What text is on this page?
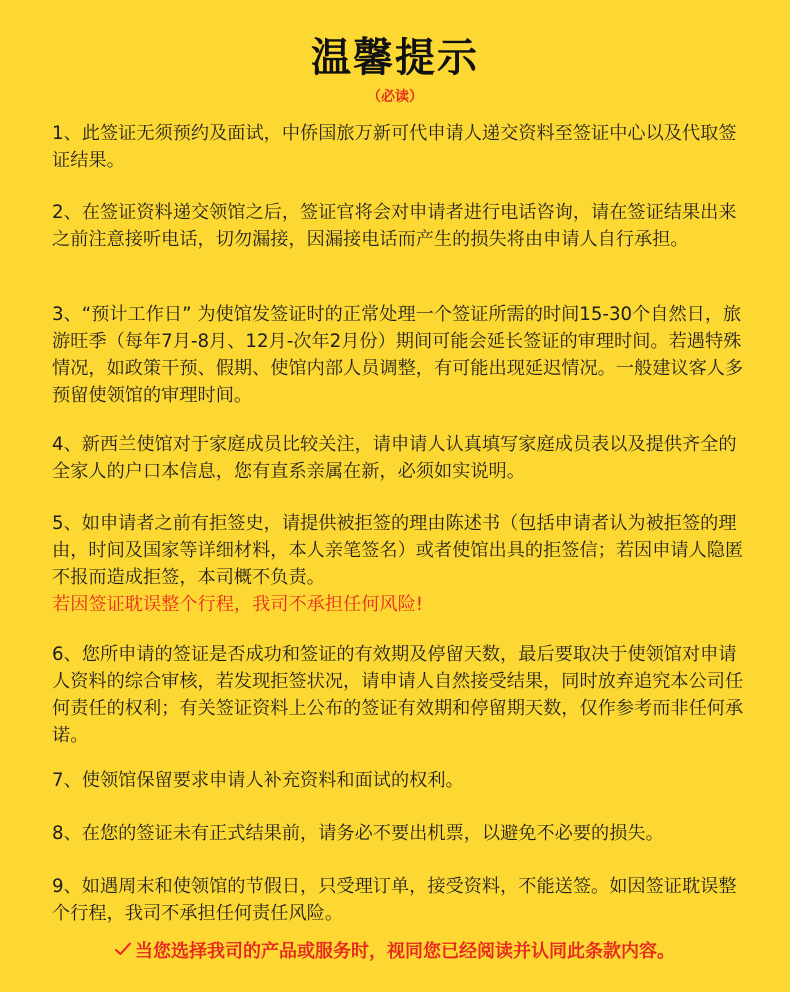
温馨提示
（必读）

1、此签证无须预约及面试，中侨国旅万新可代申请人递交资料至签证中心以及代取签证结果。

2、在签证资料递交领馆之后，签证官将会对申请者进行电话咨询，请在签证结果出来之前注意接听电话，切勿漏接，因漏接电话而产生的损失将由申请人自行承担。

3、“预计工作日” 为使馆发签证时的正常处理一个签证所需的时间15-30个自然日，旅游旺季（每年7月-8月、12月-次年2月份）期间可能会延长签证的审理时间。若遇特殊情况，如政策干预、假期、使馆内部人员调整，有可能出现延迟情况。一般建议客人多预留使领馆的审理时间。

4、新西兰使馆对于家庭成员比较关注，请申请人认真填写家庭成员表以及提供齐全的全家人的户口本信息，您有直系亲属在新，必须如实说明。

5、如申请者之前有拒签史，请提供被拒签的理由陈述书（包括申请者认为被拒签的理由，时间及国家等详细材料，本人亲笔签名）或者使馆出具的拒签信；若因申请人隐匿不报而造成拒签，本司概不负责。
若因签证耽误整个行程，我司不承担任何风险!

6、您所申请的签证是否成功和签证的有效期及停留天数，最后要取决于使领馆对申请人资料的综合审核，若发现拒签状况，请申请人自然接受结果，同时放弃追究本公司任何责任的权利；有关签证资料上公布的签证有效期和停留期天数，仅作参考而非任何承诺。

7、使领馆保留要求申请人补充资料和面试的权利。

8、在您的签证未有正式结果前，请务必不要出机票，以避免不必要的损失。

9、如遇周末和使领馆的节假日，只受理订单，接受资料，不能送签。如因签证耽误整个行程，我司不承担任何责任风险。

当您选择我司的产品或服务时，视同您已经阅读并认同此条款内容。
